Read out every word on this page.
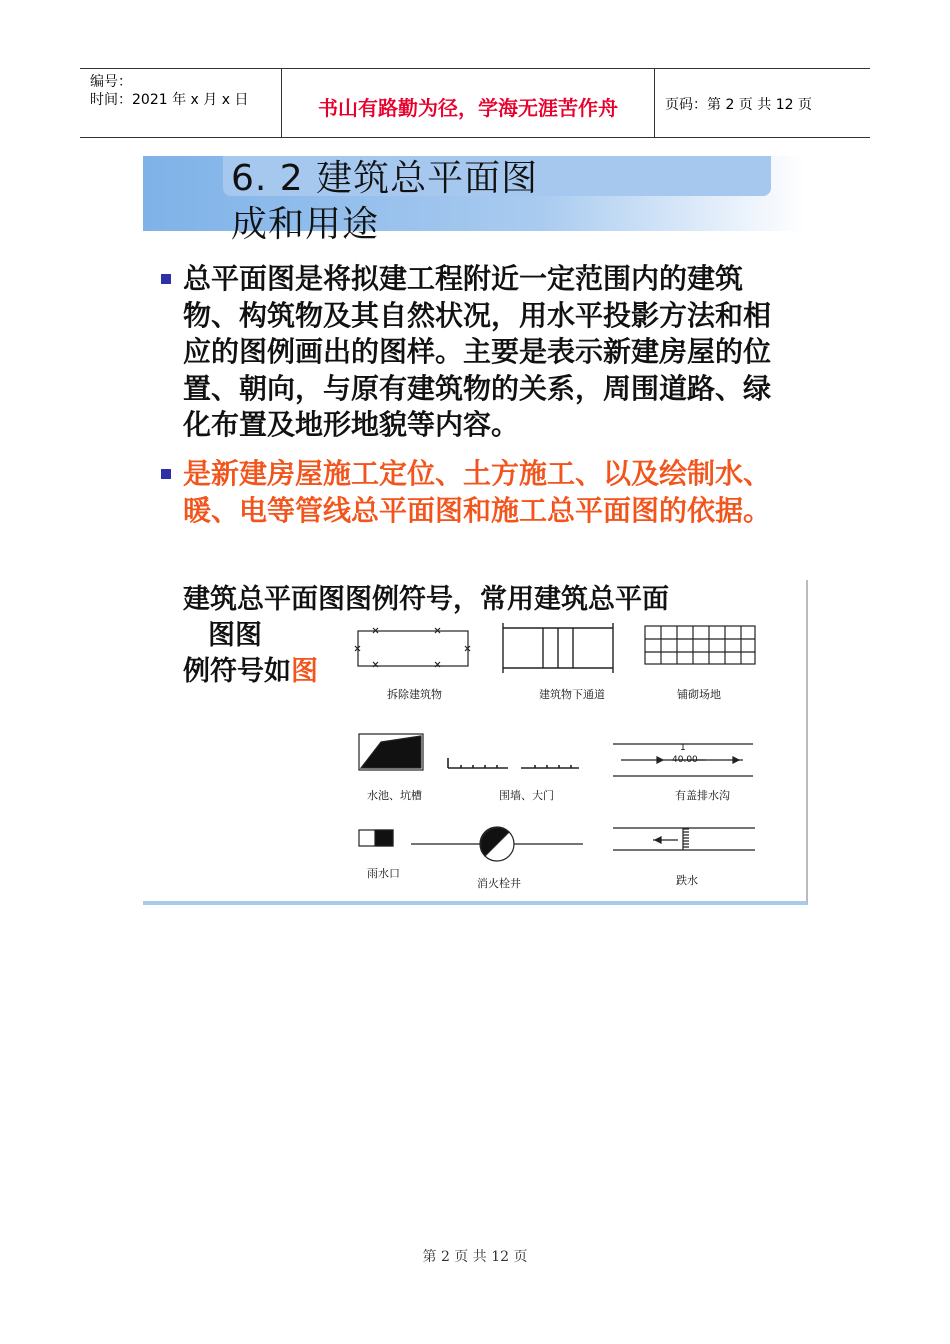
编号：
时间：2021 年 x 月 x 日	书山有路勤为径，学海无涯苦作舟	页码：第 2 页 共 12 页
6. 2 建筑总平面图
成和用途
总平面图是将拟建工程附近一定范围内的建筑物、构筑物及其自然状况，用水平投影方法和相应的图例画出的图样。主要是表示新建房屋的位置、朝向，与原有建筑物的关系，周围道路、绿化布置及地形地貌等内容。
是新建房屋施工定位、土方施工、以及绘制水、暖、电等管线总平面图和施工总平面图的依据。
建筑总平面图图例符号，常用建筑总平面
图图
例符号如图
拆除建筑物	建筑物下通道	铺砌场地
水池、坑槽	围墙、大门	有盖排水沟
1
40.00
雨水口
消火栓井	跌水
第 2 页 共 12 页
